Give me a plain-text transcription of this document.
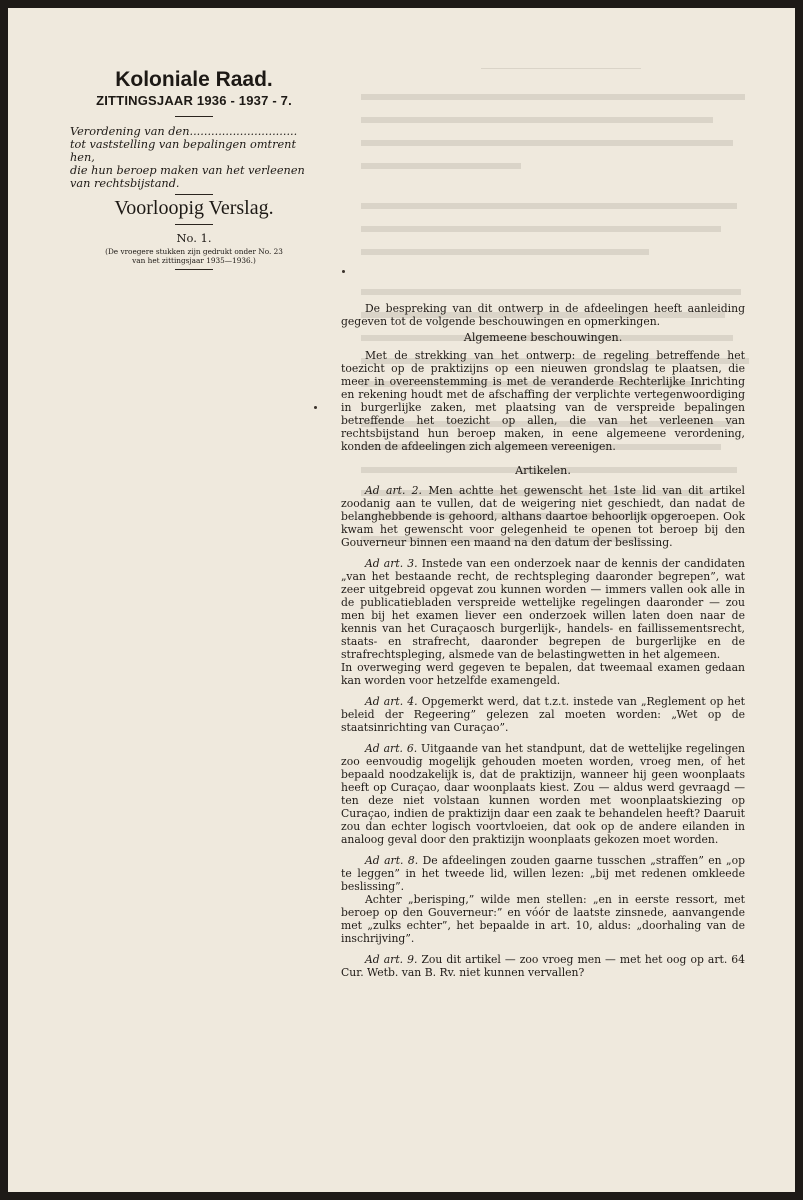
Koloniale Raad.
ZITTINGSJAAR 1936 - 1937 - 7.
Verordening van den..............................
tot vaststelling van bepalingen omtrent hen,
die hun beroep maken van het verleenen
van rechtsbijstand.
Voorloopig Verslag.
No. 1.
(De vroegere stukken zijn gedrukt onder No. 23
van het zittingsjaar 1935—1936.)

De bespreking van dit ontwerp in de afdeelingen heeft aanleiding gegeven tot de volgende beschouwingen en opmerkingen.

Algemeene beschouwingen.

Met de strekking van het ontwerp: de regeling betreffende het toezicht op de praktizijns op een nieuwen grondslag te plaatsen, die meer in overeenstemming is met de veranderde Rechterlijke Inrichting en rekening houdt met de afschaffing der verplichte vertegenwoordiging in burgerlijke zaken, met plaatsing van de verspreide bepalingen betreffende het toezicht op allen, die van het verleenen van rechtsbijstand hun beroep maken, in eene algemeene verordening, konden de afdeelingen zich algemeen vereenigen.

Artikelen.

Ad art. 2. Men achtte het gewenscht het 1ste lid van dit artikel zoodanig aan te vullen, dat de weigering niet geschiedt, dan nadat de belanghebbende is gehoord, althans daartoe behoorlijk opgeroepen. Ook kwam het gewenscht voor gelegenheid te openen tot beroep bij den Gouverneur binnen een maand na den datum der beslissing.

Ad art. 3. Instede van een onderzoek naar de kennis der candidaten „van het bestaande recht, de rechtspleging daaronder begrepen”, wat zeer uitgebreid opgevat zou kunnen worden — immers vallen ook alle in de publicatiebladen verspreide wettelijke regelingen daaronder — zou men bij het examen liever een onderzoek willen laten doen naar de kennis van het Curaçaosch burgerlijk-, handels- en faillissementsrecht, staats- en strafrecht, daaronder begrepen de burgerlijke en de strafrechtspleging, alsmede van de belastingwetten in het algemeen.

In overweging werd gegeven te bepalen, dat tweemaal examen gedaan kan worden voor hetzelfde examengeld.

Ad art. 4. Opgemerkt werd, dat t.z.t. instede van „Reglement op het beleid der Regeering” gelezen zal moeten worden: „Wet op de staatsinrichting van Curaçao”.

Ad art. 6. Uitgaande van het standpunt, dat de wettelijke regelingen zoo eenvoudig mogelijk gehouden moeten worden, vroeg men, of het bepaald noodzakelijk is, dat de praktizijn, wanneer hij geen woonplaats heeft op Curaçao, daar woonplaats kiest. Zou — aldus werd gevraagd — ten deze niet volstaan kunnen worden met woonplaatskiezing op Curaçao, indien de praktizijn daar een zaak te behandelen heeft? Daaruit zou dan echter logisch voortvloeien, dat ook op de andere eilanden in analoog geval door den praktizijn woonplaats gekozen moet worden.

Ad art. 8. De afdeelingen zouden gaarne tusschen „straffen” en „op te leggen” in het tweede lid, willen lezen: „bij met redenen omkleede beslissing”.

Achter „berisping,” wilde men stellen: „en in eerste ressort, met beroep op den Gouverneur:” en vóór de laatste zinsnede, aanvangende met „zulks echter”, het bepaalde in art. 10, aldus: „doorhaling van de inschrijving”.

Ad art. 9. Zou dit artikel — zoo vroeg men — met het oog op art. 64 Cur. Wetb. van B. Rv. niet kunnen vervallen?
